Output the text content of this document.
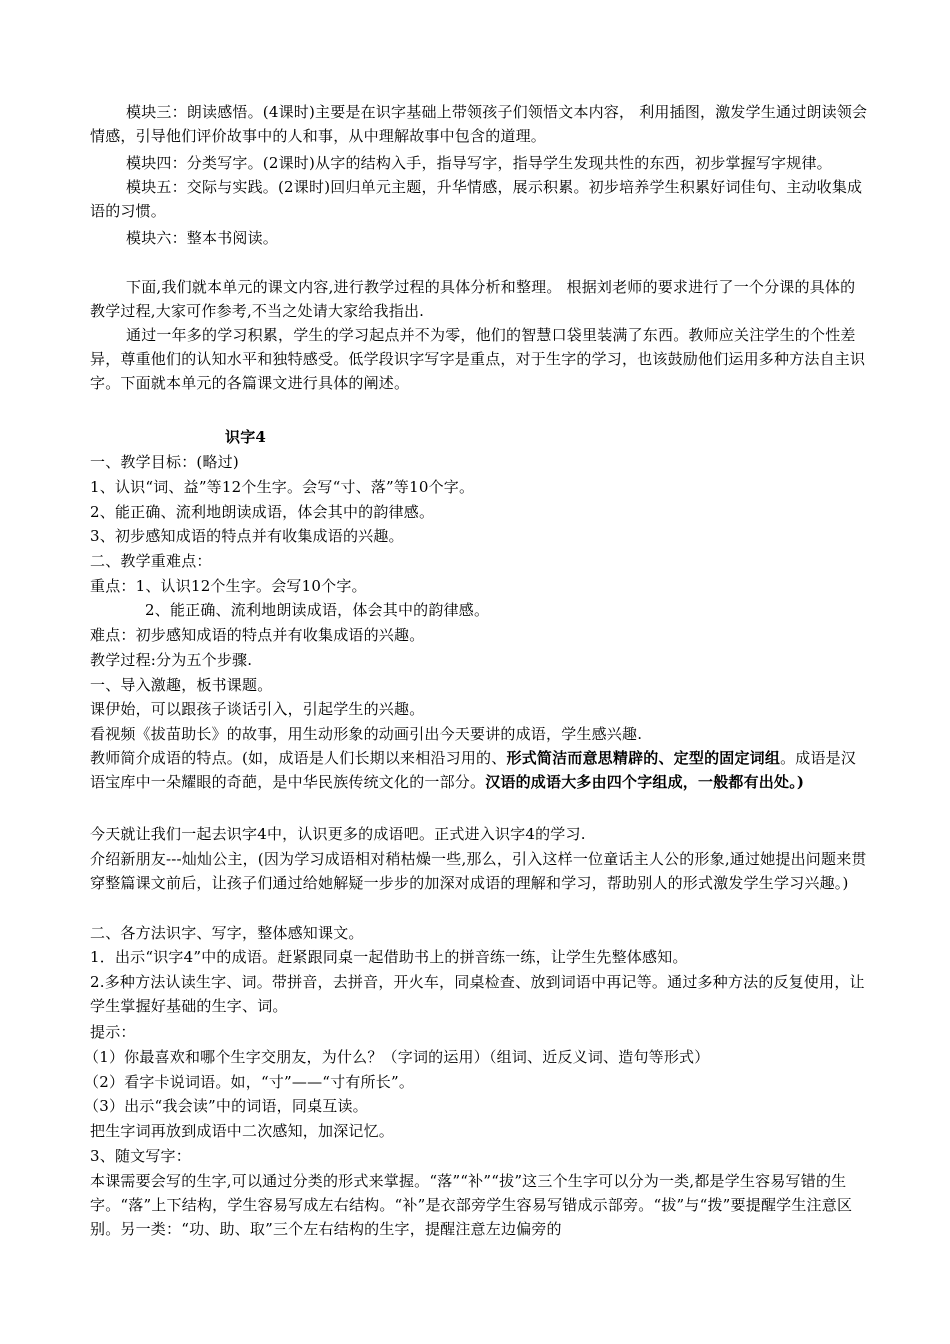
模块三：朗读感悟。(4课时)主要是在识字基础上带领孩子们领悟文本内容， 利用插图，激发学生通过朗读领会情感，引导他们评价故事中的人和事，从中理解故事中包含的道理。

模块四：分类写字。(2课时)从字的结构入手，指导写字，指导学生发现共性的东西，初步掌握写字规律。

模块五：交际与实践。(2课时)回归单元主题，升华情感，展示积累。初步培养学生积累好词佳句、主动收集成语的习惯。

模块六：整本书阅读。

下面,我们就本单元的课文内容,进行教学过程的具体分析和整理。 根据刘老师的要求进行了一个分课的具体的教学过程,大家可作参考,不当之处请大家给我指出.

通过一年多的学习积累，学生的学习起点并不为零，他们的智慧口袋里装满了东西。教师应关注学生的个性差异，尊重他们的认知水平和独特感受。低学段识字写字是重点，对于生字的学习，也该鼓励他们运用多种方法自主识字。下面就本单元的各篇课文进行具体的阐述。

识字4

一、教学目标：(略过)

1、认识“词、益”等12个生字。会写“寸、落”等10个字。

2、能正确、流利地朗读成语，体会其中的韵律感。

3、初步感知成语的特点并有收集成语的兴趣。

二、教学重难点：

重点：1、认识12个生字。会写10个字。

2、能正确、流利地朗读成语，体会其中的韵律感。

难点：初步感知成语的特点并有收集成语的兴趣。

教学过程:分为五个步骤.

一、导入激趣，板书课题。

课伊始，可以跟孩子谈话引入，引起学生的兴趣。

看视频《拔苗助长》的故事，用生动形象的动画引出今天要讲的成语，学生感兴趣.

教师简介成语的特点。(如，成语是人们长期以来相沿习用的、形式简洁而意思精辟的、定型的固定词组。成语是汉语宝库中一朵耀眼的奇葩，是中华民族传统文化的一部分。汉语的成语大多由四个字组成，一般都有出处。)

今天就让我们一起去识字4中，认识更多的成语吧。正式进入识字4的学习.

介绍新朋友---灿灿公主，(因为学习成语相对稍枯燥一些,那么，引入这样一位童话主人公的形象,通过她提出问题来贯穿整篇课文前后，让孩子们通过给她解疑一步步的加深对成语的理解和学习，帮助别人的形式激发学生学习兴趣。)

二、各方法识字、写字，整体感知课文。

1．出示“识字4”中的成语。赶紧跟同桌一起借助书上的拼音练一练，让学生先整体感知。

2.多种方法认读生字、词。带拼音，去拼音，开火车，同桌检查、放到词语中再记等。通过多种方法的反复使用，让学生掌握好基础的生字、词。

提示：

（1）你最喜欢和哪个生字交朋友，为什么？（字词的运用）（组词、近反义词、造句等形式）

（2）看字卡说词语。如，“寸”——“寸有所长”。

（3）出示“我会读”中的词语，同桌互读。

把生字词再放到成语中二次感知，加深记忆。

3、随文写字：

本课需要会写的生字,可以通过分类的形式来掌握。“落”“补”“拔”这三个生字可以分为一类,都是学生容易写错的生字。“落”上下结构，学生容易写成左右结构。“补”是衣部旁学生容易写错成示部旁。“拔”与“拨”要提醒学生注意区别。另一类：“功、助、取”三个左右结构的生字，提醒注意左边偏旁的
